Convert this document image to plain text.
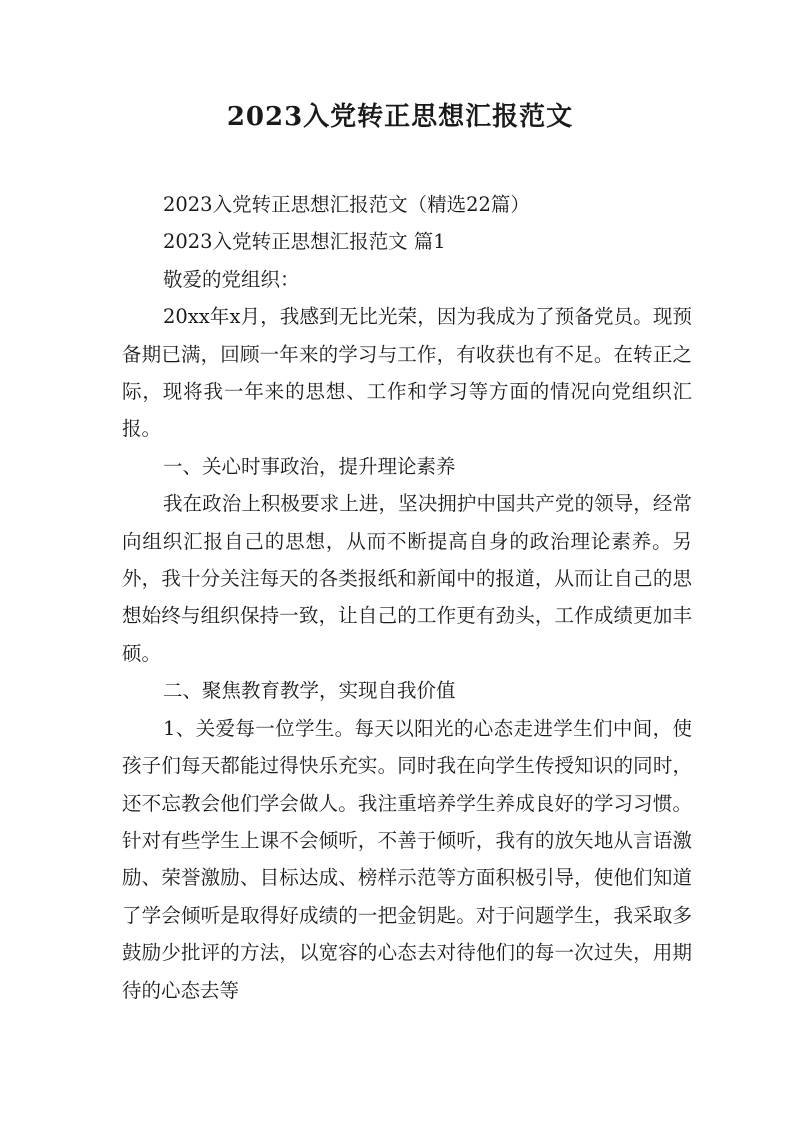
2023入党转正思想汇报范文

2023入党转正思想汇报范文（精选22篇）

2023入党转正思想汇报范文 篇1

敬爱的党组织：

20xx年x月，我感到无比光荣，因为我成为了预备党员。现预备期已满，回顾一年来的学习与工作，有收获也有不足。在转正之际，现将我一年来的思想、工作和学习等方面的情况向党组织汇报。

一、关心时事政治，提升理论素养

我在政治上积极要求上进，坚决拥护中国共产党的领导，经常向组织汇报自己的思想，从而不断提高自身的政治理论素养。另外，我十分关注每天的各类报纸和新闻中的报道，从而让自己的思想始终与组织保持一致，让自己的工作更有劲头，工作成绩更加丰硕。

二、聚焦教育教学，实现自我价值

1、关爱每一位学生。每天以阳光的心态走进学生们中间，使孩子们每天都能过得快乐充实。同时我在向学生传授知识的同时，还不忘教会他们学会做人。我注重培养学生养成良好的学习习惯。针对有些学生上课不会倾听，不善于倾听，我有的放矢地从言语激励、荣誉激励、目标达成、榜样示范等方面积极引导，使他们知道了学会倾听是取得好成绩的一把金钥匙。对于问题学生，我采取多鼓励少批评的方法，以宽容的心态去对待他们的每一次过失，用期待的心态去等
